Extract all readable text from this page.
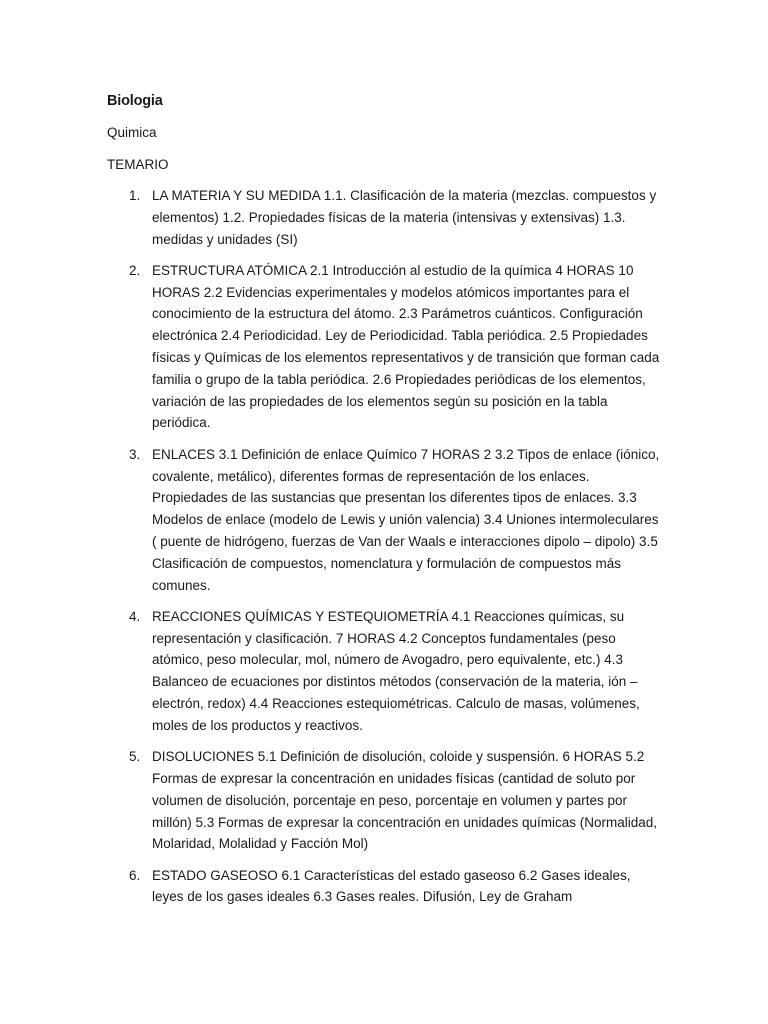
Biologia

Quimica

TEMARIO

1. LA MATERIA Y SU MEDIDA 1.1. Clasificación de la materia (mezclas. compuestos y elementos) 1.2. Propiedades físicas de la materia (intensivas y extensivas) 1.3. medidas y unidades (SI)
2. ESTRUCTURA ATÓMICA 2.1 Introducción al estudio de la química 4 HORAS 10 HORAS 2.2 Evidencias experimentales y modelos atómicos importantes para el conocimiento de la estructura del átomo. 2.3 Parámetros cuánticos. Configuración electrónica 2.4 Periodicidad. Ley de Periodicidad. Tabla periódica. 2.5 Propiedades físicas y Químicas de los elementos representativos y de transición que forman cada familia o grupo de la tabla periódica. 2.6 Propiedades periódicas de los elementos, variación de las propiedades de los elementos según su posición en la tabla periódica.
3. ENLACES 3.1 Definición de enlace Químico 7 HORAS 2 3.2 Tipos de enlace (iónico, covalente, metálico), diferentes formas de representación de los enlaces. Propiedades de las sustancias que presentan los diferentes tipos de enlaces. 3.3 Modelos de enlace (modelo de Lewis y unión valencia) 3.4 Uniones intermoleculares ( puente de hidrógeno, fuerzas de Van der Waals e interacciones dipolo – dipolo) 3.5 Clasificación de compuestos, nomenclatura y formulación de compuestos más comunes.
4. REACCIONES QUÍMICAS Y ESTEQUIOMETRÍA 4.1 Reacciones químicas, su representación y clasificación. 7 HORAS 4.2 Conceptos fundamentales (peso atómico, peso molecular, mol, número de Avogadro, pero equivalente, etc.) 4.3 Balanceo de ecuaciones por distintos métodos (conservación de la materia, ión – electrón, redox) 4.4 Reacciones estequiométricas. Calculo de masas, volúmenes, moles de los productos y reactivos.
5. DISOLUCIONES 5.1 Definición de disolución, coloide y suspensión. 6 HORAS 5.2 Formas de expresar la concentración en unidades físicas (cantidad de soluto por volumen de disolución, porcentaje en peso, porcentaje en volumen y partes por millón) 5.3 Formas de expresar la concentración en unidades químicas (Normalidad, Molaridad, Molalidad y Facción Mol)
6. ESTADO GASEOSO 6.1 Características del estado gaseoso 6.2 Gases ideales, leyes de los gases ideales 6.3 Gases reales. Difusión, Ley de Graham
